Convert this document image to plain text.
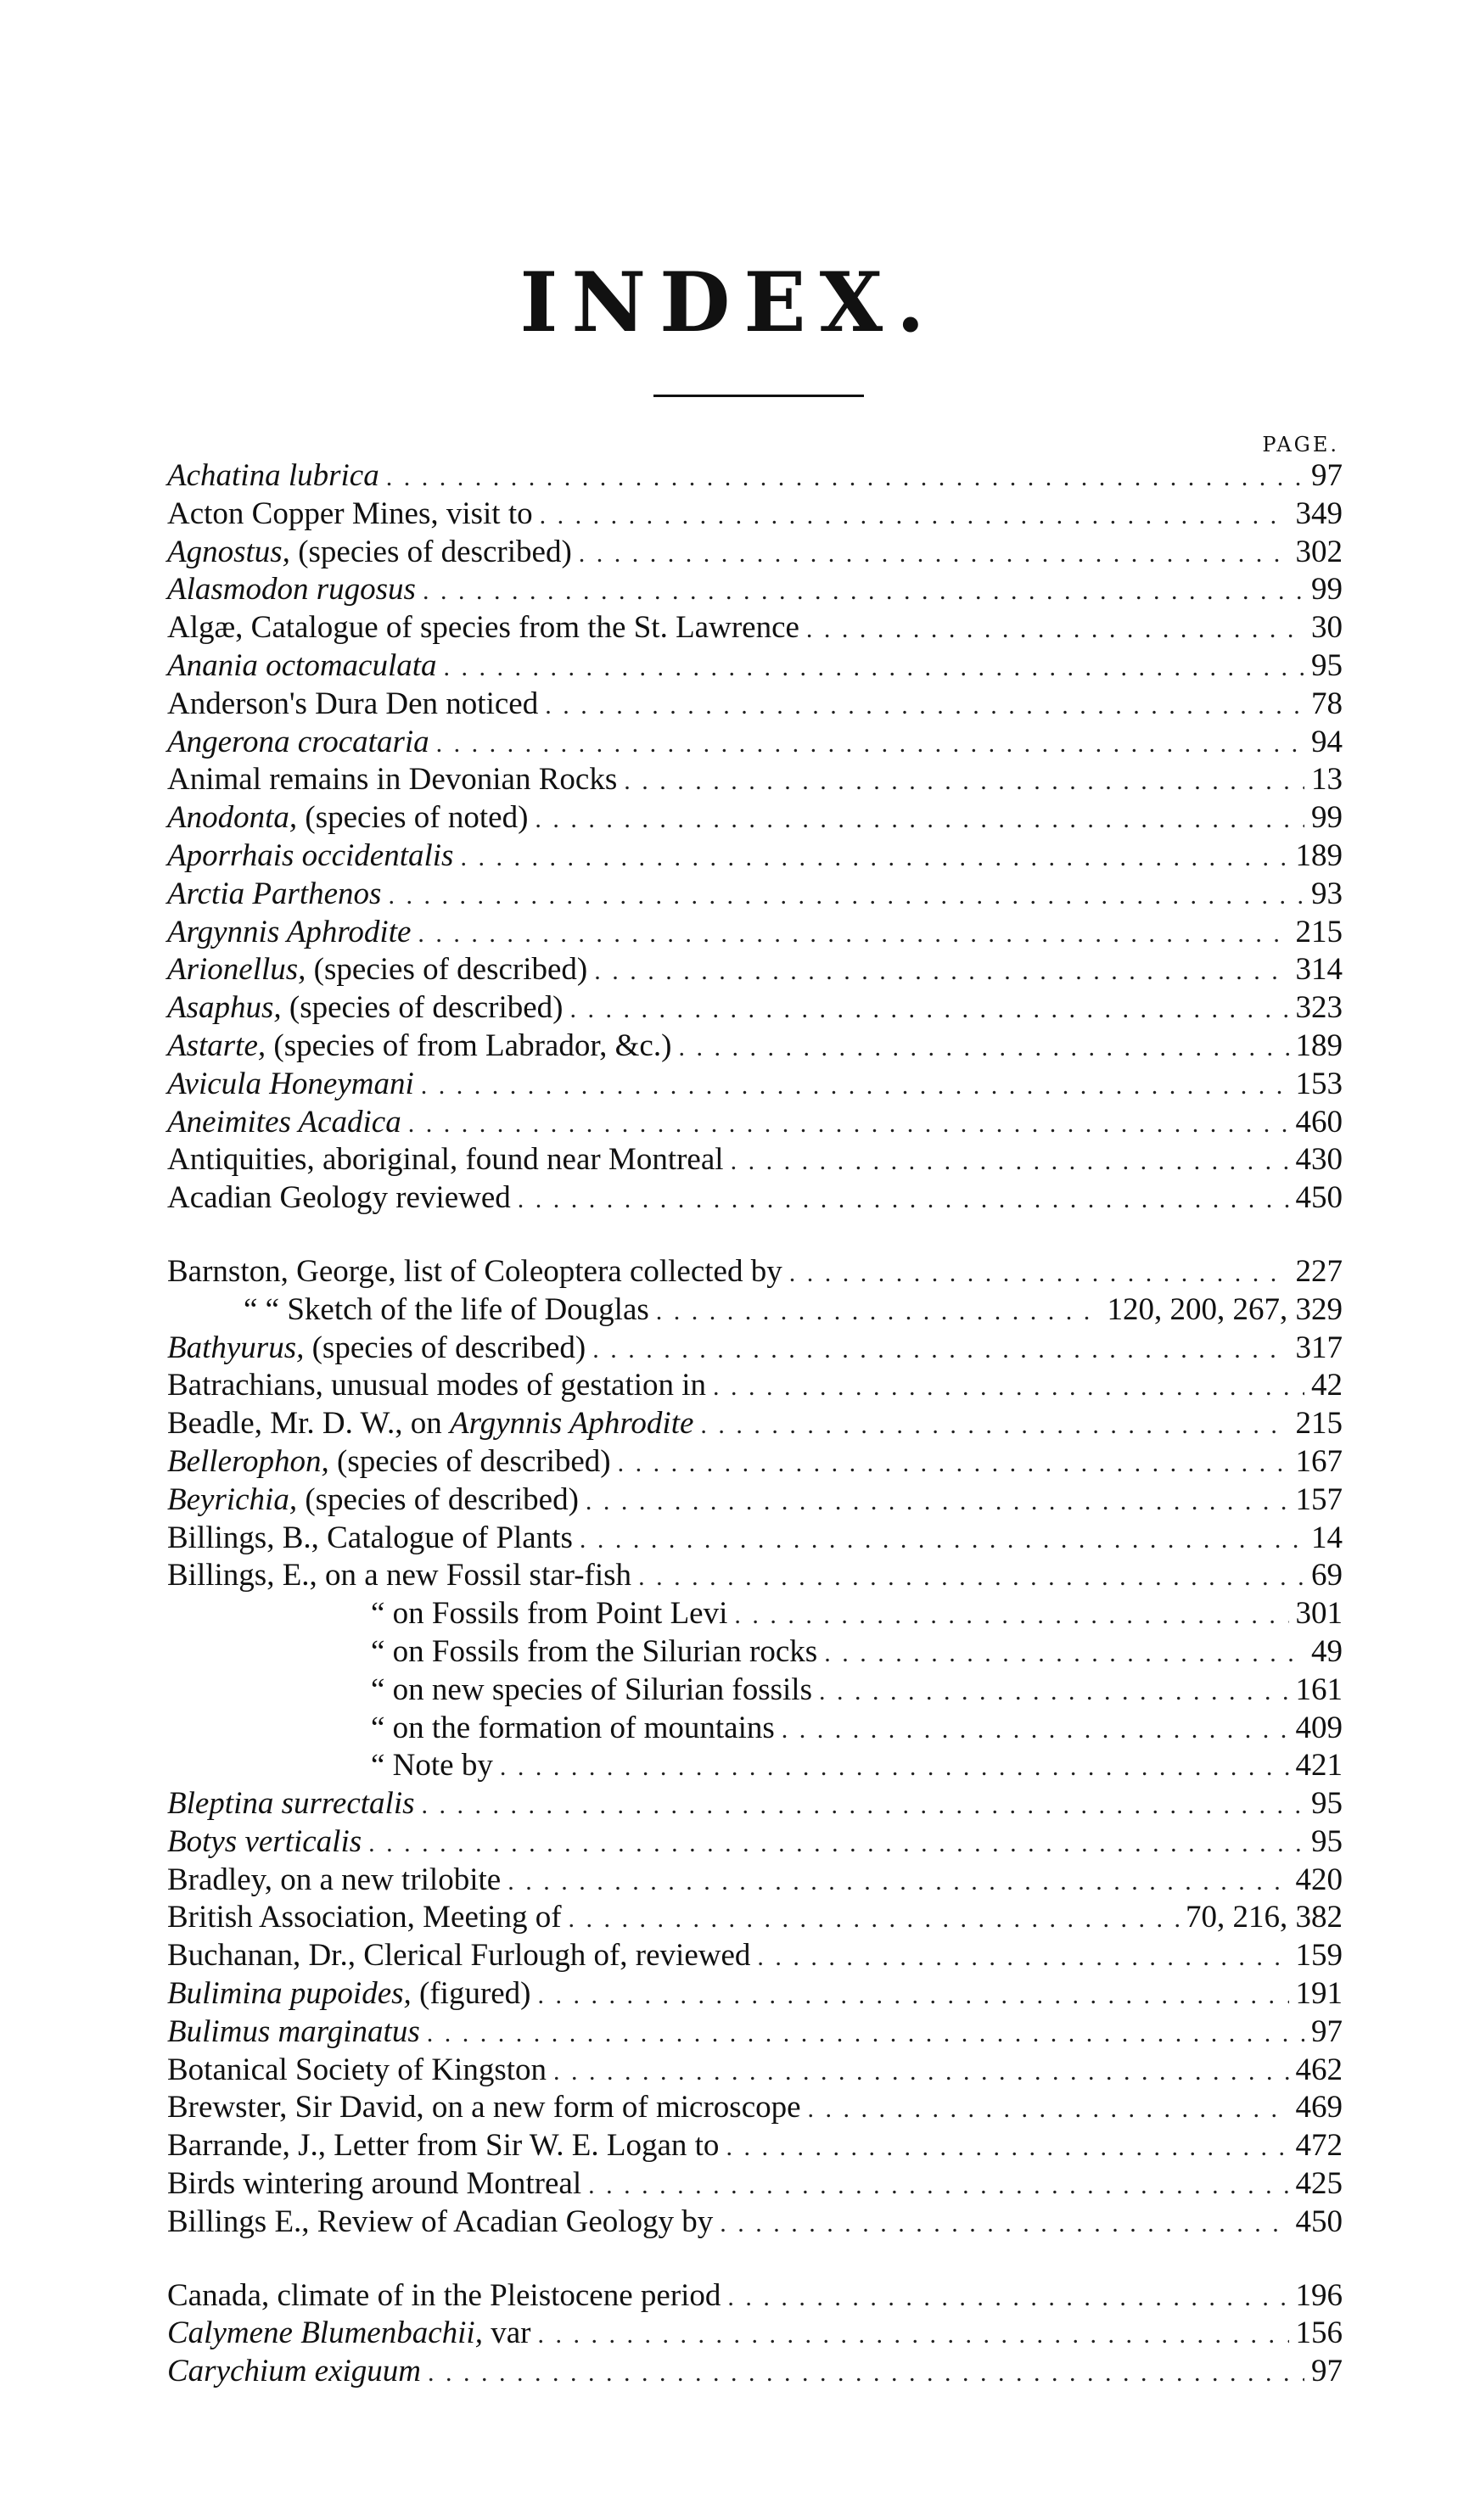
INDEX.
PAGE.
Achatina lubrica . . .	97
Acton Copper Mines, visit to . . .	349
Agnostus, (species of described) . . .	302
Alasmodon rugosus . . .	99
Algæ, Catalogue of species from the St. Lawrence . . .	30
Anania octomaculata . . .	95
Anderson's Dura Den noticed . . .	78
Angerona crocataria . . .	94
Animal remains in Devonian Rocks . . .	13
Anodonta, (species of noted) . . .	99
Aporrhais occidentalis . . .	189
Arctia Parthenos . . .	93
Argynnis Aphrodite . . .	215
Arionellus, (species of described) . . .	314
Asaphus, (species of described) . . .	323
Astarte, (species of from Labrador, &c.) . . .	189
Avicula Honeymani . . .	153
Aneimites Acadica . . .	460
Antiquities, aboriginal, found near Montreal . . .	430
Acadian Geology reviewed . . .	450
Barnston, George, list of Coleoptera collected by . . .	227
“ “ Sketch of the life of Douglas . . .	120, 200, 267, 329
Bathyurus, (species of described) . . .	317
Batrachians, unusual modes of gestation in . . .	42
Beadle, Mr. D. W., on Argynnis Aphrodite . . .	215
Bellerophon, (species of described) . . .	167
Beyrichia, (species of described) . . .	157
Billings, B., Catalogue of Plants . . .	14
Billings, E., on a new Fossil star-fish . . .	69
“ on Fossils from Point Levi . . .	301
“ on Fossils from the Silurian rocks . . .	49
“ on new species of Silurian fossils . . .	161
“ on the formation of mountains . . .	409
“ Note by . . .	421
Bleptina surrectalis . . .	95
Botys verticalis . . .	95
Bradley, on a new trilobite . . .	420
British Association, Meeting of . . .	70, 216, 382
Buchanan, Dr., Clerical Furlough of, reviewed . . .	159
Bulimina pupoides, (figured) . . .	191
Bulimus marginatus . . .	97
Botanical Society of Kingston . . .	462
Brewster, Sir David, on a new form of microscope . . .	469
Barrande, J., Letter from Sir W. E. Logan to . . .	472
Birds wintering around Montreal . . .	425
Billings E., Review of Acadian Geology by . . .	450
Canada, climate of in the Pleistocene period . . .	196
Calymene Blumenbachii, var . . .	156
Carychium exiguum . . .	97
